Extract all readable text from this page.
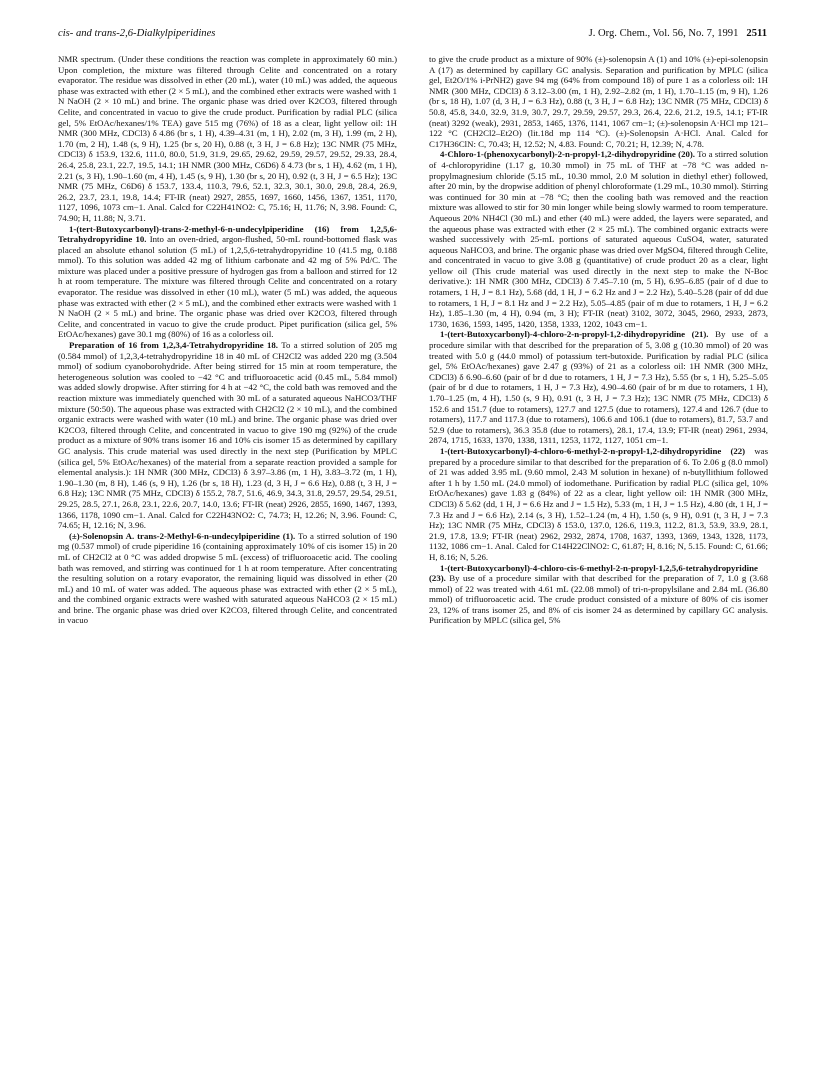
cis- and trans-2,6-Dialkylpiperidines	J. Org. Chem., Vol. 56, No. 7, 1991 2511

NMR spectrum. (Under these conditions the reaction was complete in approximately 60 min.) Upon completion, the mixture was filtered through Celite and concentrated on a rotary evaporator. The residue was dissolved in ether (20 mL), water (10 mL) was added, the aqueous phase was extracted with ether (2 × 5 mL), and the combined ether extracts were washed with 1 N NaOH (2 × 10 mL) and brine. The organic phase was dried over K2CO3, filtered through Celite, and concentrated in vacuo to give the crude product. Purification by radial PLC (silica gel, 5% EtOAc/hexanes/1% TEA) gave 515 mg (76%) of 18 as a clear, light yellow oil: 1H NMR (300 MHz, CDCl3) δ 4.86 (br s, 1 H), 4.39–4.31 (m, 1 H), 2.02 (m, 3 H), 1.99 (m, 2 H), 1.70 (m, 2 H), 1.48 (s, 9 H), 1.25 (br s, 20 H), 0.88 (t, 3 H, J = 6.8 Hz); 13C NMR (75 MHz, CDCl3) δ 153.9, 132.6, 111.0, 80.0, 51.9, 31.9, 29.65, 29.62, 29.59, 29.57, 29.52, 29.33, 28.4, 26.4, 25.8, 23.1, 22.7, 19.5, 14.1; 1H NMR (300 MHz, C6D6) δ 4.73 (br s, 1 H), 4.62 (m, 1 H), 2.21 (s, 3 H), 1.90–1.60 (m, 4 H), 1.45 (s, 9 H), 1.30 (br s, 20 H), 0.92 (t, 3 H, J = 6.5 Hz); 13C NMR (75 MHz, C6D6) δ 153.7, 133.4, 110.3, 79.6, 52.1, 32.3, 30.1, 30.0, 29.8, 28.4, 26.9, 26.2, 23.7, 23.1, 19.8, 14.4; FT-IR (neat) 2927, 2855, 1697, 1660, 1456, 1367, 1351, 1170, 1127, 1096, 1073 cm−1. Anal. Calcd for C22H41NO2: C, 75.16; H, 11.76; N, 3.98. Found: C, 74.90; H, 11.88; N, 3.71.

1-(tert-Butoxycarbonyl)-trans-2-methyl-6-n-undecylpiperidine (16) from 1,2,5,6-Tetrahydropyridine 10. Into an oven-dried, argon-flushed, 50-mL round-bottomed flask was placed an absolute ethanol solution (5 mL) of 1,2,5,6-tetrahydropyridine 10 (41.5 mg, 0.188 mmol). To this solution was added 42 mg of lithium carbonate and 42 mg of 5% Pd/C. The mixture was placed under a positive pressure of hydrogen gas from a balloon and stirred for 12 h at room temperature. The mixture was filtered through Celite and concentrated on a rotary evaporator. The residue was dissolved in ether (10 mL), water (5 mL) was added, the aqueous phase was extracted with ether (2 × 5 mL), and the combined ether extracts were washed with 1 N NaOH (2 × 5 mL) and brine. The organic phase was dried over K2CO3, filtered through Celite, and concentrated in vacuo to give the crude product. Pipet purification (silica gel, 5% EtOAc/hexanes) gave 30.1 mg (80%) of 16 as a colorless oil.

Preparation of 16 from 1,2,3,4-Tetrahydropyridine 18. To a stirred solution of 205 mg (0.584 mmol) of 1,2,3,4-tetrahydropyridine 18 in 40 mL of CH2Cl2 was added 220 mg (3.504 mmol) of sodium cyanoborohydride. After being stirred for 15 min at room temperature, the heterogeneous solution was cooled to −42 °C and trifluoroacetic acid (0.45 mL, 5.84 mmol) was added slowly dropwise. After stirring for 4 h at −42 °C, the cold bath was removed and the reaction mixture was immediately quenched with 30 mL of a saturated aqueous NaHCO3/THF mixture (50:50). The aqueous phase was extracted with CH2Cl2 (2 × 10 mL), and the combined organic extracts were washed with water (10 mL) and brine. The organic phase was dried over K2CO3, filtered through Celite, and concentrated in vacuo to give 190 mg (92%) of the crude product as a mixture of 90% trans isomer 16 and 10% cis isomer 15 as determined by capillary GC analysis. This crude material was used directly in the next step (Purification by MPLC (silica gel, 5% EtOAc/hexanes) of the material from a separate reaction provided a sample for elemental analysis.): 1H NMR (300 MHz, CDCl3) δ 3.97–3.86 (m, 1 H), 3.83–3.72 (m, 1 H), 1.90–1.30 (m, 8 H), 1.46 (s, 9 H), 1.26 (br s, 18 H), 1.23 (d, 3 H, J = 6.6 Hz), 0.88 (t, 3 H, J = 6.8 Hz); 13C NMR (75 MHz, CDCl3) δ 155.2, 78.7, 51.6, 46.9, 34.3, 31.8, 29.57, 29.54, 29.51, 29.25, 28.5, 27.1, 26.8, 23.1, 22.6, 20.7, 14.0, 13.6; FT-IR (neat) 2926, 2855, 1690, 1467, 1393, 1366, 1178, 1090 cm−1. Anal. Calcd for C22H43NO2: C, 74.73; H, 12.26; N, 3.96. Found: C, 74.65; H, 12.16; N, 3.96.

(±)-Solenopsin A. trans-2-Methyl-6-n-undecylpiperidine (1). To a stirred solution of 190 mg (0.537 mmol) of crude piperidine 16 (containing approximately 10% of cis isomer 15) in 20 mL of CH2Cl2 at 0 °C was added dropwise 5 mL (excess) of trifluoroacetic acid. The cooling bath was removed, and stirring was continued for 1 h at room temperature. After concentrating the resulting solution on a rotary evaporator, the remaining liquid was dissolved in ether (20 mL) and 10 mL of water was added. The aqueous phase was extracted with ether (2 × 5 mL), and the combined organic extracts were washed with saturated aqueous NaHCO3 (2 × 15 mL) and brine. The organic phase was dried over K2CO3, filtered through Celite, and concentrated in vacuo

to give the crude product as a mixture of 90% (±)-solenopsin A (1) and 10% (±)-epi-solenopsin A (17) as determined by capillary GC analysis. Separation and purification by MPLC (silica gel, Et2O/1% i-PrNH2) gave 94 mg (64% from compound 18) of pure 1 as a colorless oil: 1H NMR (300 MHz, CDCl3) δ 3.12–3.00 (m, 1 H), 2.92–2.82 (m, 1 H), 1.70–1.15 (m, 9 H), 1.26 (br s, 18 H), 1.07 (d, 3 H, J = 6.3 Hz), 0.88 (t, 3 H, J = 6.8 Hz); 13C NMR (75 MHz, CDCl3) δ 50.8, 45.8, 34.0, 32.9, 31.9, 30.7, 29.7, 29.59, 29.57, 29.3, 26.4, 22.6, 21.2, 19.5, 14.1; FT-IR (neat) 3292 (weak), 2931, 2853, 1465, 1376, 1141, 1067 cm−1; (±)-solenopsin A·HCl mp 121–122 °C (CH2Cl2–Et2O) (lit.18d mp 114 °C). (±)-Solenopsin A·HCl. Anal. Calcd for C17H36ClN: C, 70.43; H, 12.52; N, 4.83. Found: C, 70.21; H, 12.39; N, 4.78.

4-Chloro-1-(phenoxycarbonyl)-2-n-propyl-1,2-dihydropyridine (20). To a stirred solution of 4-chloropyridine (1.17 g, 10.30 mmol) in 75 mL of THF at −78 °C was added n-propylmagnesium chloride (5.15 mL, 10.30 mmol, 2.0 M solution in diethyl ether) followed, after 20 min, by the dropwise addition of phenyl chloroformate (1.29 mL, 10.30 mmol). Stirring was continued for 30 min at −78 °C; then the cooling bath was removed and the reaction mixture was allowed to stir for 30 min longer while being slowly warmed to room temperature. Aqueous 20% NH4Cl (30 mL) and ether (40 mL) were added, the layers were separated, and the aqueous phase was extracted with ether (2 × 25 mL). The combined organic extracts were washed successively with 25-mL portions of saturated aqueous CuSO4, water, saturated aqueous NaHCO3, and brine. The organic phase was dried over MgSO4, filtered through Celite, and concentrated in vacuo to give 3.08 g (quantitative) of crude product 20 as a clear, light yellow oil (This crude material was used directly in the next step to make the N-Boc derivative.): 1H NMR (300 MHz, CDCl3) δ 7.45–7.10 (m, 5 H), 6.95–6.85 (pair of d due to rotamers, 1 H, J = 8.1 Hz), 5.68 (dd, 1 H, J = 6.2 Hz and J = 2.2 Hz), 5.40–5.28 (pair of dd due to rotamers, 1 H, J = 8.1 Hz and J = 2.2 Hz), 5.05–4.85 (pair of m due to rotamers, 1 H, J = 6.2 Hz), 1.85–1.30 (m, 4 H), 0.94 (m, 3 H); FT-IR (neat) 3102, 3072, 3045, 2960, 2933, 2873, 1730, 1636, 1593, 1495, 1420, 1358, 1333, 1202, 1043 cm−1.

1-(tert-Butoxycarbonyl)-4-chloro-2-n-propyl-1,2-dihydropyridine (21). By use of a procedure similar with that described for the preparation of 5, 3.08 g (10.30 mmol) of 20 was treated with 5.0 g (44.0 mmol) of potassium tert-butoxide. Purification by radial PLC (silica gel, 5% EtOAc/hexanes) gave 2.47 g (93%) of 21 as a colorless oil: 1H NMR (300 MHz, CDCl3) δ 6.90–6.60 (pair of br d due to rotamers, 1 H, J = 7.3 Hz), 5.55 (br s, 1 H), 5.25–5.05 (pair of br d due to rotamers, 1 H, J = 7.3 Hz), 4.90–4.60 (pair of br m due to rotamers, 1 H), 1.70–1.25 (m, 4 H), 1.50 (s, 9 H), 0.91 (t, 3 H, J = 7.3 Hz); 13C NMR (75 MHz, CDCl3) δ 152.6 and 151.7 (due to rotamers), 127.7 and 127.5 (due to rotamers), 127.4 and 126.7 (due to rotamers), 117.7 and 117.3 (due to rotamers), 106.6 and 106.1 (due to rotamers), 81.7, 53.7 and 52.9 (due to rotamers), 36.3 35.8 (due to rotamers), 28.1, 17.4, 13.9; FT-IR (neat) 2961, 2934, 2874, 1715, 1633, 1370, 1338, 1311, 1253, 1172, 1127, 1051 cm−1.

1-(tert-Butoxycarbonyl)-4-chloro-6-methyl-2-n-propyl-1,2-dihydropyridine (22) was prepared by a procedure similar to that described for the preparation of 6. To 2.06 g (8.0 mmol) of 21 was added 3.95 mL (9.60 mmol, 2.43 M solution in hexane) of n-butyllithium followed after 1 h by 1.50 mL (24.0 mmol) of iodomethane. Purification by radial PLC (silica gel, 10% EtOAc/hexanes) gave 1.83 g (84%) of 22 as a clear, light yellow oil: 1H NMR (300 MHz, CDCl3) δ 5.62 (dd, 1 H, J = 6.6 Hz and J = 1.5 Hz), 5.33 (m, 1 H, J = 1.5 Hz), 4.80 (dt, 1 H, J = 7.3 Hz and J = 6.6 Hz), 2.14 (s, 3 H), 1.52–1.24 (m, 4 H), 1.50 (s, 9 H), 0.91 (t, 3 H, J = 7.3 Hz); 13C NMR (75 MHz, CDCl3) δ 153.0, 137.0, 126.6, 119.3, 112.2, 81.3, 53.9, 33.9, 28.1, 21.9, 17.8, 13.9; FT-IR (neat) 2962, 2932, 2874, 1708, 1637, 1393, 1369, 1343, 1328, 1173, 1132, 1086 cm−1. Anal. Calcd for C14H22ClNO2: C, 61.87; H, 8.16; N, 5.15. Found: C, 61.66; H, 8.16; N, 5.26.

1-(tert-Butoxycarbonyl)-4-chloro-cis-6-methyl-2-n-propyl-1,2,5,6-tetrahydropyridine (23). By use of a procedure similar with that described for the preparation of 7, 1.0 g (3.68 mmol) of 22 was treated with 4.61 mL (22.08 mmol) of tri-n-propylsilane and 2.84 mL (36.80 mmol) of trifluoroacetic acid. The crude product consisted of a mixture of 80% of cis isomer 23, 12% of trans isomer 25, and 8% of cis isomer 24 as determined by capillary GC analysis. Purification by MPLC (silica gel, 5%
